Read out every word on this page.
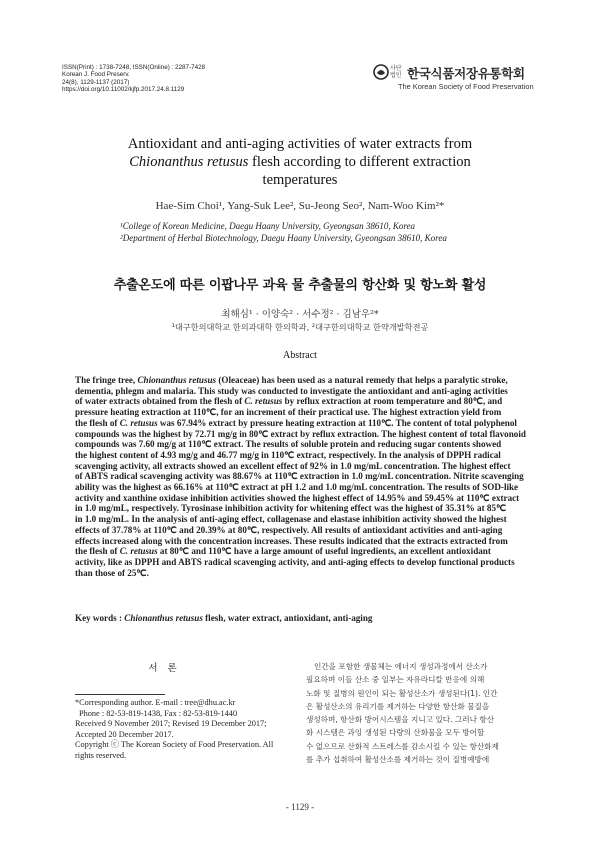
ISSN(Print) : 1738-7248, ISSN(Online) : 2287-7428
Korean J. Food Preserv.
24(8), 1129-1137 (2017)
https://doi.org/10.11002/kjfp.2017.24.8.1129
사단
법인 한국식품저장유통학회
The Korean Society of Food Preservation
Antioxidant and anti-aging activities of water extracts from
Chionanthus retusus flesh according to different extraction
temperatures
Hae-Sim Choi¹, Yang-Suk Lee², Su-Jeong Seo², Nam-Woo Kim²*
¹College of Korean Medicine, Daegu Haany University, Gyeongsan 38610, Korea
²Department of Herbal Biotechnology, Daegu Haany University, Gyeongsan 38610, Korea
추출온도에 따른 이팝나무 과육 물 추출물의 항산화 및 항노화 활성
최해심¹ · 이양숙² · 서수정² · 김남우²*
¹대구한의대학교 한의과대학 한의학과, ²대구한의대학교 한약개발학전공
Abstract
The fringe tree, Chionanthus retusus (Oleaceae) has been used as a natural remedy that helps a paralytic stroke,
dementia, phlegm and malaria. This study was conducted to investigate the antioxidant and anti-aging activities
of water extracts obtained from the flesh of C. retusus by reflux extraction at room temperature and 80℃, and
pressure heating extraction at 110℃, for an increment of their practical use. The highest extraction yield from
the flesh of C. retusus was 67.94% extract by pressure heating extraction at 110℃. The content of total polyphenol
compounds was the highest by 72.71 mg/g in 80℃ extract by reflux extraction. The highest content of total flavonoid
compounds was 7.60 mg/g at 110℃ extract. The results of soluble protein and reducing sugar contents showed
the highest content of 4.93 mg/g and 46.77 mg/g in 110℃ extract, respectively. In the analysis of DPPH radical
scavenging activity, all extracts showed an excellent effect of 92% in 1.0 mg/mL concentration. The highest effect
of ABTS radical scavenging activity was 88.67% at 110℃ extraction in 1.0 mg/mL concentration. Nitrite scavenging
ability was the highest as 66.16% at 110℃ extract at pH 1.2 and 1.0 mg/mL concentration. The results of SOD-like
activity and xanthine oxidase inhibition activities showed the highest effect of 14.95% and 59.45% at 110℃ extract
in 1.0 mg/mL, respectively. Tyrosinase inhibition activity for whitening effect was the highest of 35.31% at 85℃
in 1.0 mg/mL. In the analysis of anti-aging effect, collagenase and elastase inhibition activity showed the highest
effects of 37.78% at 110℃ and 20.39% at 80℃, respectively. All results of antioxidant activities and anti-aging
effects increased along with the concentration increases. These results indicated that the extracts extracted from
the flesh of C. retusus at 80℃ and 110℃ have a large amount of useful ingredients, an excellent antioxidant
activity, like as DPPH and ABTS radical scavenging activity, and anti-aging effects to develop functional products
than those of 25℃.
Key words : Chionanthus retusus flesh, water extract, antioxidant, anti-aging
서론
*Corresponding author. E-mail : tree@dhu.ac.kr
Phone : 82-53-819-1438, Fax : 82-53-819-1440
Received 9 November 2017; Revised 19 December 2017;
Accepted 20 December 2017.
Copyright ⓒ The Korean Society of Food Preservation. All
rights reserved.
인간을 포함한 생물체는 에너지 생성과정에서 산소가
필요하며 이들 산소 중 일부는 자유라디칼 반응에 의해
노화 및 질병의 원인이 되는 활성산소가 생성된다(1). 인간
은 활성산소의 유리기를 제거하는 다양한 항산화 물질을
생성하며, 항산화 방어시스템을 지니고 있다. 그러나 항산
화 시스템은 과잉 생성된 다량의 산화물을 모두 방어할
수 없으므로 산화적 스트레스를 감소시킬 수 있는 항산화제
를 추가 섭취하여 활성산소를 제거하는 것이 질병예방에
- 1129 -
